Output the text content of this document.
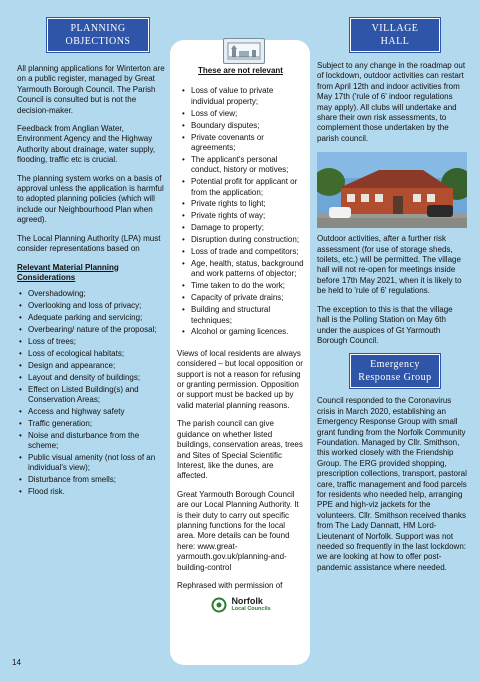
PLANNING
OBJECTIONS

All planning applications for Winterton are on a public register, managed by Great Yarmouth Borough Council. The Parish Council is consulted but is not the decision-maker.

Feedback from Anglian Water, Environment Agency and the Highway Authority about drainage, water supply, flooding, traffic etc is crucial.

The planning system works on a basis of approval unless the application is harmful to adopted planning policies (which will include our Neighbourhood Plan when agreed).

The Local Planning Authority (LPA) must consider representations based on

Relevant Material Planning Considerations
• Overshadowing;
• Overlooking and loss of privacy;
• Adequate parking and servicing;
• Overbearing/ nature of the proposal;
• Loss of trees;
• Loss of ecological habitats;
• Design and appearance;
• Layout and density of buildings;
• Effect on Listed Building(s) and Conservation Areas;
• Access and highway safety
• Traffic generation;
• Noise and disturbance from the scheme;
• Public visual amenity (not loss of an individual's view);
• Disturbance from smells;
• Flood risk.
These are not relevant
• Loss of value to private individual property;
• Loss of view;
• Boundary disputes;
• Private covenants or agreements;
• The applicant's personal conduct, history or motives;
• Potential profit for applicant or from the application;
• Private rights to light;
• Private rights of way;
• Damage to property;
• Disruption during construction;
• Loss of trade and competitors;
• Age, health, status, background and work patterns of objector;
• Time taken to do the work;
• Capacity of private drains;
• Building and structural techniques;
• Alcohol or gaming licences.

Views of local residents are always considered – but local opposition or support is not a reason for refusing or granting permission. Opposition or support must be backed up by valid material planning reasons.

The parish council can give guidance on whether listed buildings, conservation areas, trees and Sites of Special Scientific Interest, like the dunes, are affected.

Great Yarmouth Borough Council are our Local Planning Authority. It is their duty to carry out specific planning functions for the local area. More details can be found here: www.great-yarmouth.gov.uk/planning-and-building-control

Rephrased with permission of

Norfolk
Local Councils
VILLAGE
HALL

Subject to any change in the roadmap out of lockdown, outdoor activities can restart from April 12th and indoor activities from May 17th ('rule of 6' indoor regulations may apply). All clubs will undertake and share their own risk assessments, to complement those undertaken by the parish council.

Outdoor activities, after a further risk assessment (for use of storage sheds, toilets, etc.) will be permitted. The village hall will not re-open for meetings inside before 17th May 2021, when it is likely to be held to 'rule of 6' regulations.

The exception to this is that the village hall is the Polling Station on May 6th under the auspices of Gt Yarmouth Borough Council.

Emergency
Response Group

Council responded to the Coronavirus crisis in March 2020, establishing an Emergency Response Group with small grant funding from the Norfolk Community Foundation. Managed by Cllr. Smithson, this worked closely with the Friendship Group. The ERG provided shopping, prescription collections, transport, pastoral care, traffic management and food parcels for residents who needed help, arranging PPE and high-viz jackets for the volunteers. Cllr. Smithson received thanks from The Lady Dannatt, HM Lord-Lieutenant of Norfolk. Support was not needed so frequently in the last lockdown: we are looking at how to offer post-pandemic assistance where needed.

14
